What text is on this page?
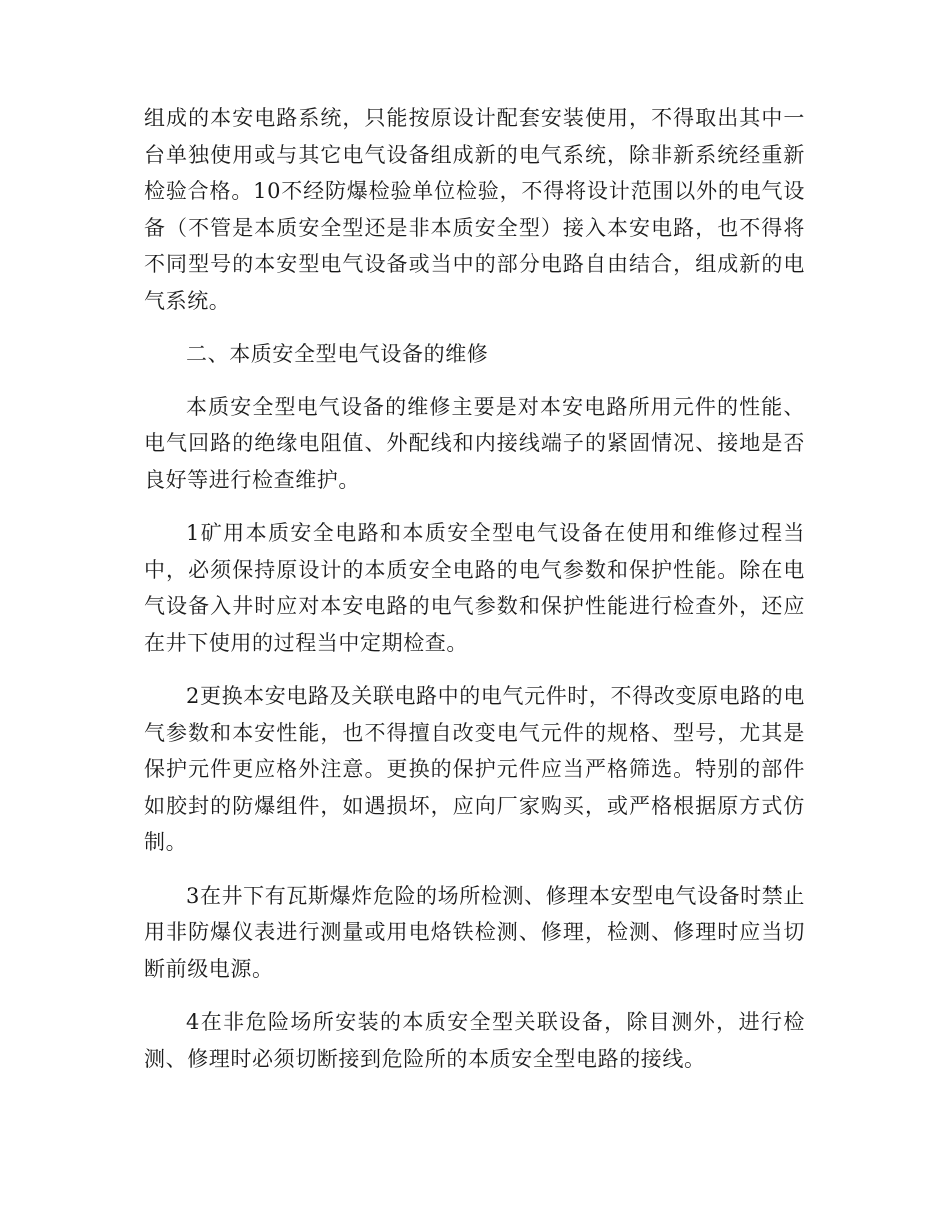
组成的本安电路系统，只能按原设计配套安装使用，不得取出其中一台单独使用或与其它电气设备组成新的电气系统，除非新系统经重新检验合格。10不经防爆检验单位检验，不得将设计范围以外的电气设备（不管是本质安全型还是非本质安全型）接入本安电路，也不得将不同型号的本安型电气设备或当中的部分电路自由结合，组成新的电气系统。

二、本质安全型电气设备的维修

本质安全型电气设备的维修主要是对本安电路所用元件的性能、电气回路的绝缘电阻值、外配线和内接线端子的紧固情况、接地是否良好等进行检查维护。

1矿用本质安全电路和本质安全型电气设备在使用和维修过程当中，必须保持原设计的本质安全电路的电气参数和保护性能。除在电气设备入井时应对本安电路的电气参数和保护性能进行检查外，还应在井下使用的过程当中定期检查。

2更换本安电路及关联电路中的电气元件时，不得改变原电路的电气参数和本安性能，也不得擅自改变电气元件的规格、型号，尤其是保护元件更应格外注意。更换的保护元件应当严格筛选。特别的部件如胶封的防爆组件，如遇损坏，应向厂家购买，或严格根据原方式仿制。

3在井下有瓦斯爆炸危险的场所检测、修理本安型电气设备时禁止用非防爆仪表进行测量或用电烙铁检测、修理，检测、修理时应当切断前级电源。

4在非危险场所安装的本质安全型关联设备，除目测外，进行检测、修理时必须切断接到危险所的本质安全型电路的接线。
